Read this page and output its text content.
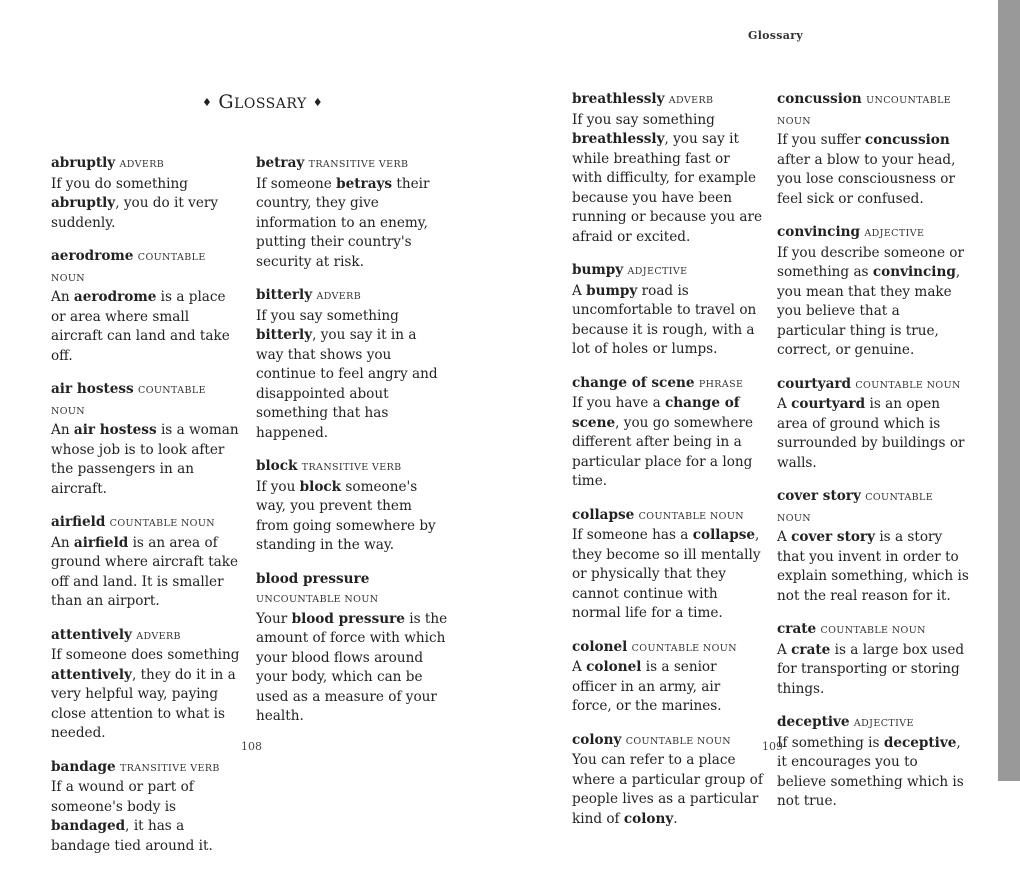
Glossary
♦ GLOSSARY ♦
abruptly ADVERB
If you do something abruptly, you do it very suddenly.
aerodrome COUNTABLE NOUN
An aerodrome is a place or area where small aircraft can land and take off.
air hostess COUNTABLE NOUN
An air hostess is a woman whose job is to look after the passengers in an aircraft.
airfield COUNTABLE NOUN
An airfield is an area of ground where aircraft take off and land. It is smaller than an airport.
attentively ADVERB
If someone does something attentively, they do it in a very helpful way, paying close attention to what is needed.
bandage TRANSITIVE VERB
If a wound or part of someone's body is bandaged, it has a bandage tied around it.
betray TRANSITIVE VERB
If someone betrays their country, they give information to an enemy, putting their country's security at risk.
bitterly ADVERB
If you say something bitterly, you say it in a way that shows you continue to feel angry and disappointed about something that has happened.
block TRANSITIVE VERB
If you block someone's way, you prevent them from going somewhere by standing in the way.
blood pressure UNCOUNTABLE NOUN
Your blood pressure is the amount of force with which your blood flows around your body, which can be used as a measure of your health.
breathlessly ADVERB
If you say something breathlessly, you say it while breathing fast or with difficulty, for example because you have been running or because you are afraid or excited.
bumpy ADJECTIVE
A bumpy road is uncomfortable to travel on because it is rough, with a lot of holes or lumps.
change of scene PHRASE
If you have a change of scene, you go somewhere different after being in a particular place for a long time.
collapse COUNTABLE NOUN
If someone has a collapse, they become so ill mentally or physically that they cannot continue with normal life for a time.
colonel COUNTABLE NOUN
A colonel is a senior officer in an army, air force, or the marines.
colony COUNTABLE NOUN
You can refer to a place where a particular group of people lives as a particular kind of colony.
concussion UNCOUNTABLE NOUN
If you suffer concussion after a blow to your head, you lose consciousness or feel sick or confused.
convincing ADJECTIVE
If you describe someone or something as convincing, you mean that they make you believe that a particular thing is true, correct, or genuine.
courtyard COUNTABLE NOUN
A courtyard is an open area of ground which is surrounded by buildings or walls.
cover story COUNTABLE NOUN
A cover story is a story that you invent in order to explain something, which is not the real reason for it.
crate COUNTABLE NOUN
A crate is a large box used for transporting or storing things.
deceptive ADJECTIVE
If something is deceptive, it encourages you to believe something which is not true.
108	109
